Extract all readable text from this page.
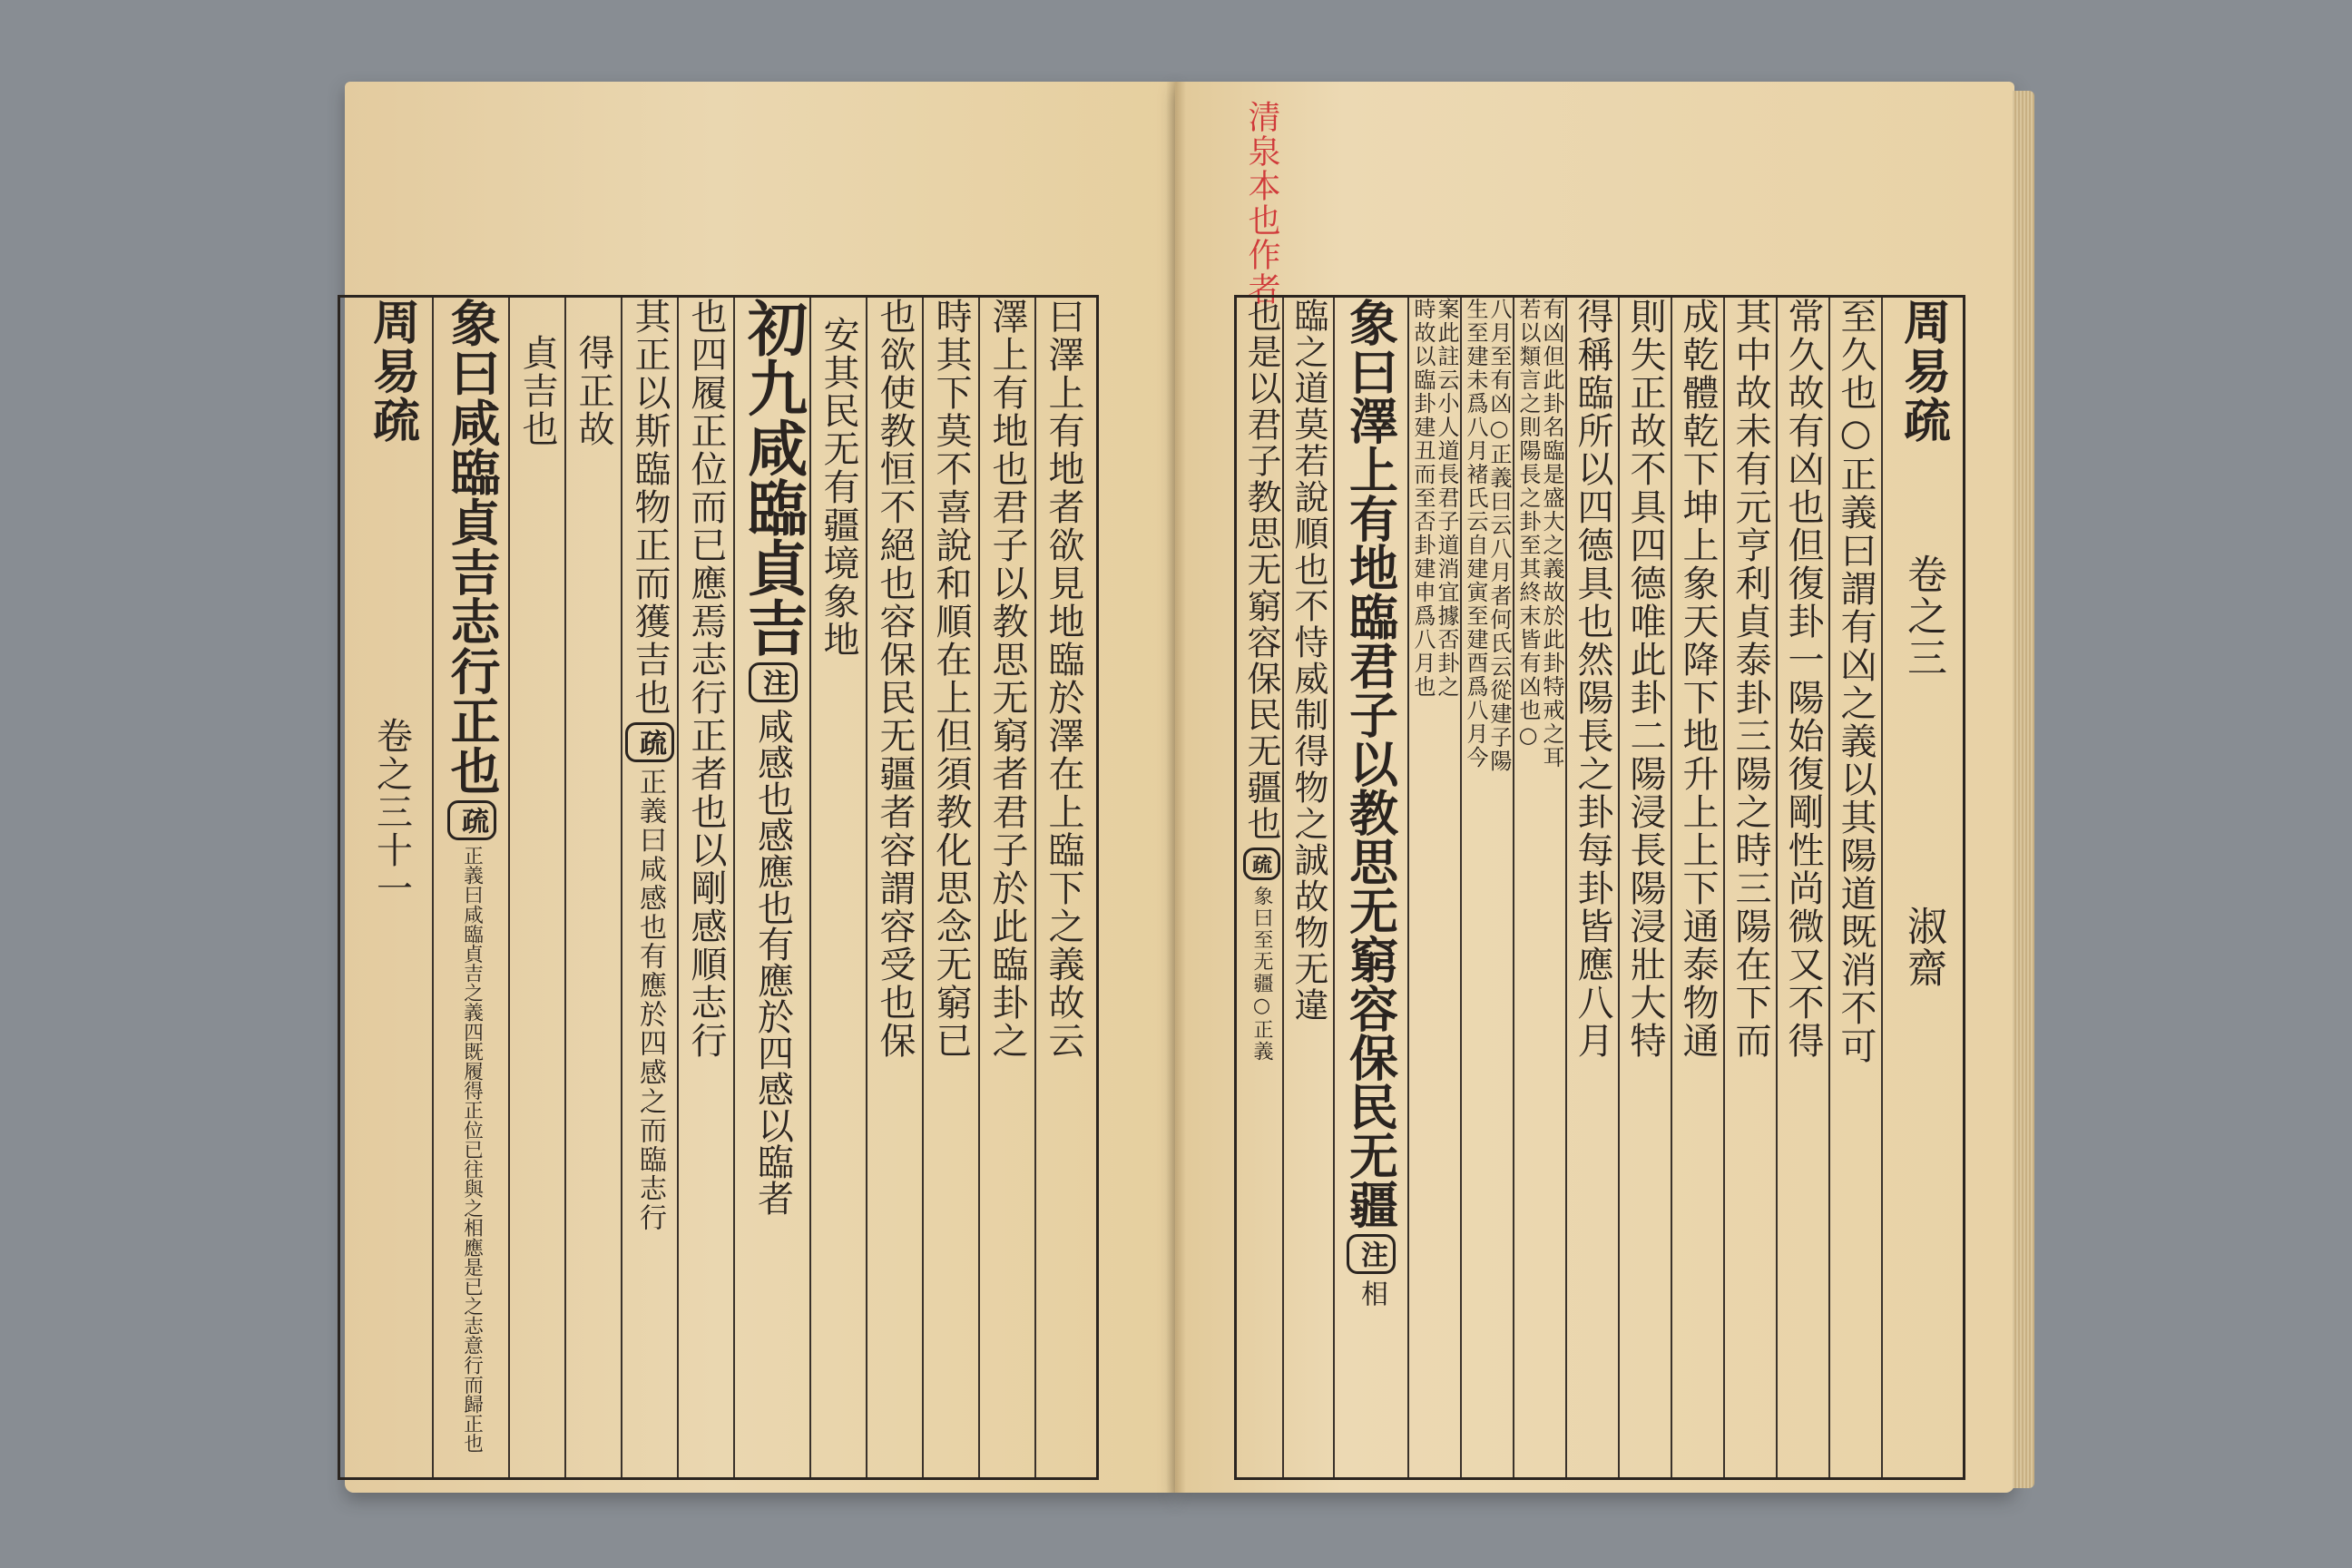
曰澤上有地者欲見地臨於澤在上臨下之義故云
澤上有地也君子以教思无窮者君子於此臨卦之
時其下莫不喜說和順在上但須教化思念无窮已
也欲使教恒不絕也容保民无疆者容謂容受也保
安其民无有疆境象地
初九咸臨貞吉
注
咸感也感應也有應於四感以臨者
也四履正位而已應焉志行正者也以剛感順志行
其正以斯臨物正而獲吉也
疏
正義曰咸感也有應於四感之而臨志行
得正故
貞吉也
象曰咸臨貞吉志行正也
疏
正義曰咸臨貞吉之義四既履得正位已往與之相應是已之志意行而歸正也
周易疏
卷之三
十一
清泉本也作者
周易疏
卷之三
淑齋
至久也○正義曰謂有凶之義以其陽道既消不可
常久故有凶也但復卦一陽始復剛性尚微又不得
其中故未有元亨利貞泰卦三陽之時三陽在下而
成乾體乾下坤上象天降下地升上上下通泰物通
則失正故不具四德唯此卦二陽浸長陽浸壯大特
得稱臨所以四德具也然陽長之卦每卦皆應八月
有凶但此卦名臨是盛大之義故於此卦特戒之耳
若以類言之則陽長之卦至其終末皆有凶也○
八月至有凶○正義曰云八月者何氏云從建子陽
生至建未爲八月褚氏云自建寅至建酉爲八月今
案此註云小人道長君子道消宜據否卦之
時故以臨卦建丑而至否卦建申爲八月也
象曰澤上有地臨君子以教思无窮容保民无疆
注
相
臨之道莫若說順也不恃威制得物之誠故物无違
也是以君子教思无窮容保民无疆也
疏
象曰至无疆○正義
